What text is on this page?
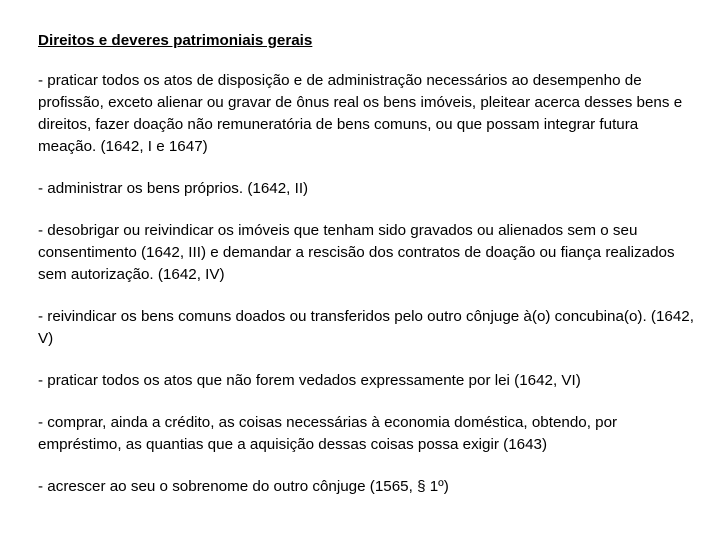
Direitos e deveres patrimoniais gerais
- praticar todos os atos de disposição e de administração necessários ao desempenho de profissão, exceto alienar ou gravar de ônus real os bens imóveis, pleitear acerca desses bens e direitos, fazer doação não remuneratória de bens comuns, ou que possam integrar futura meação. (1642, I e 1647)
- administrar os bens próprios. (1642, II)
- desobrigar ou reivindicar os imóveis que tenham sido gravados ou alienados sem o seu consentimento (1642, III) e demandar a rescisão dos contratos de doação ou fiança realizados sem autorização. (1642, IV)
- reivindicar os bens comuns doados ou transferidos pelo outro cônjuge à(o) concubina(o). (1642, V)
- praticar todos os atos que não forem vedados expressamente por lei (1642, VI)
- comprar, ainda a crédito, as coisas necessárias à economia doméstica, obtendo, por empréstimo, as quantias que a aquisição dessas coisas possa exigir (1643)
- acrescer ao seu o sobrenome do outro cônjuge (1565, § 1º)
